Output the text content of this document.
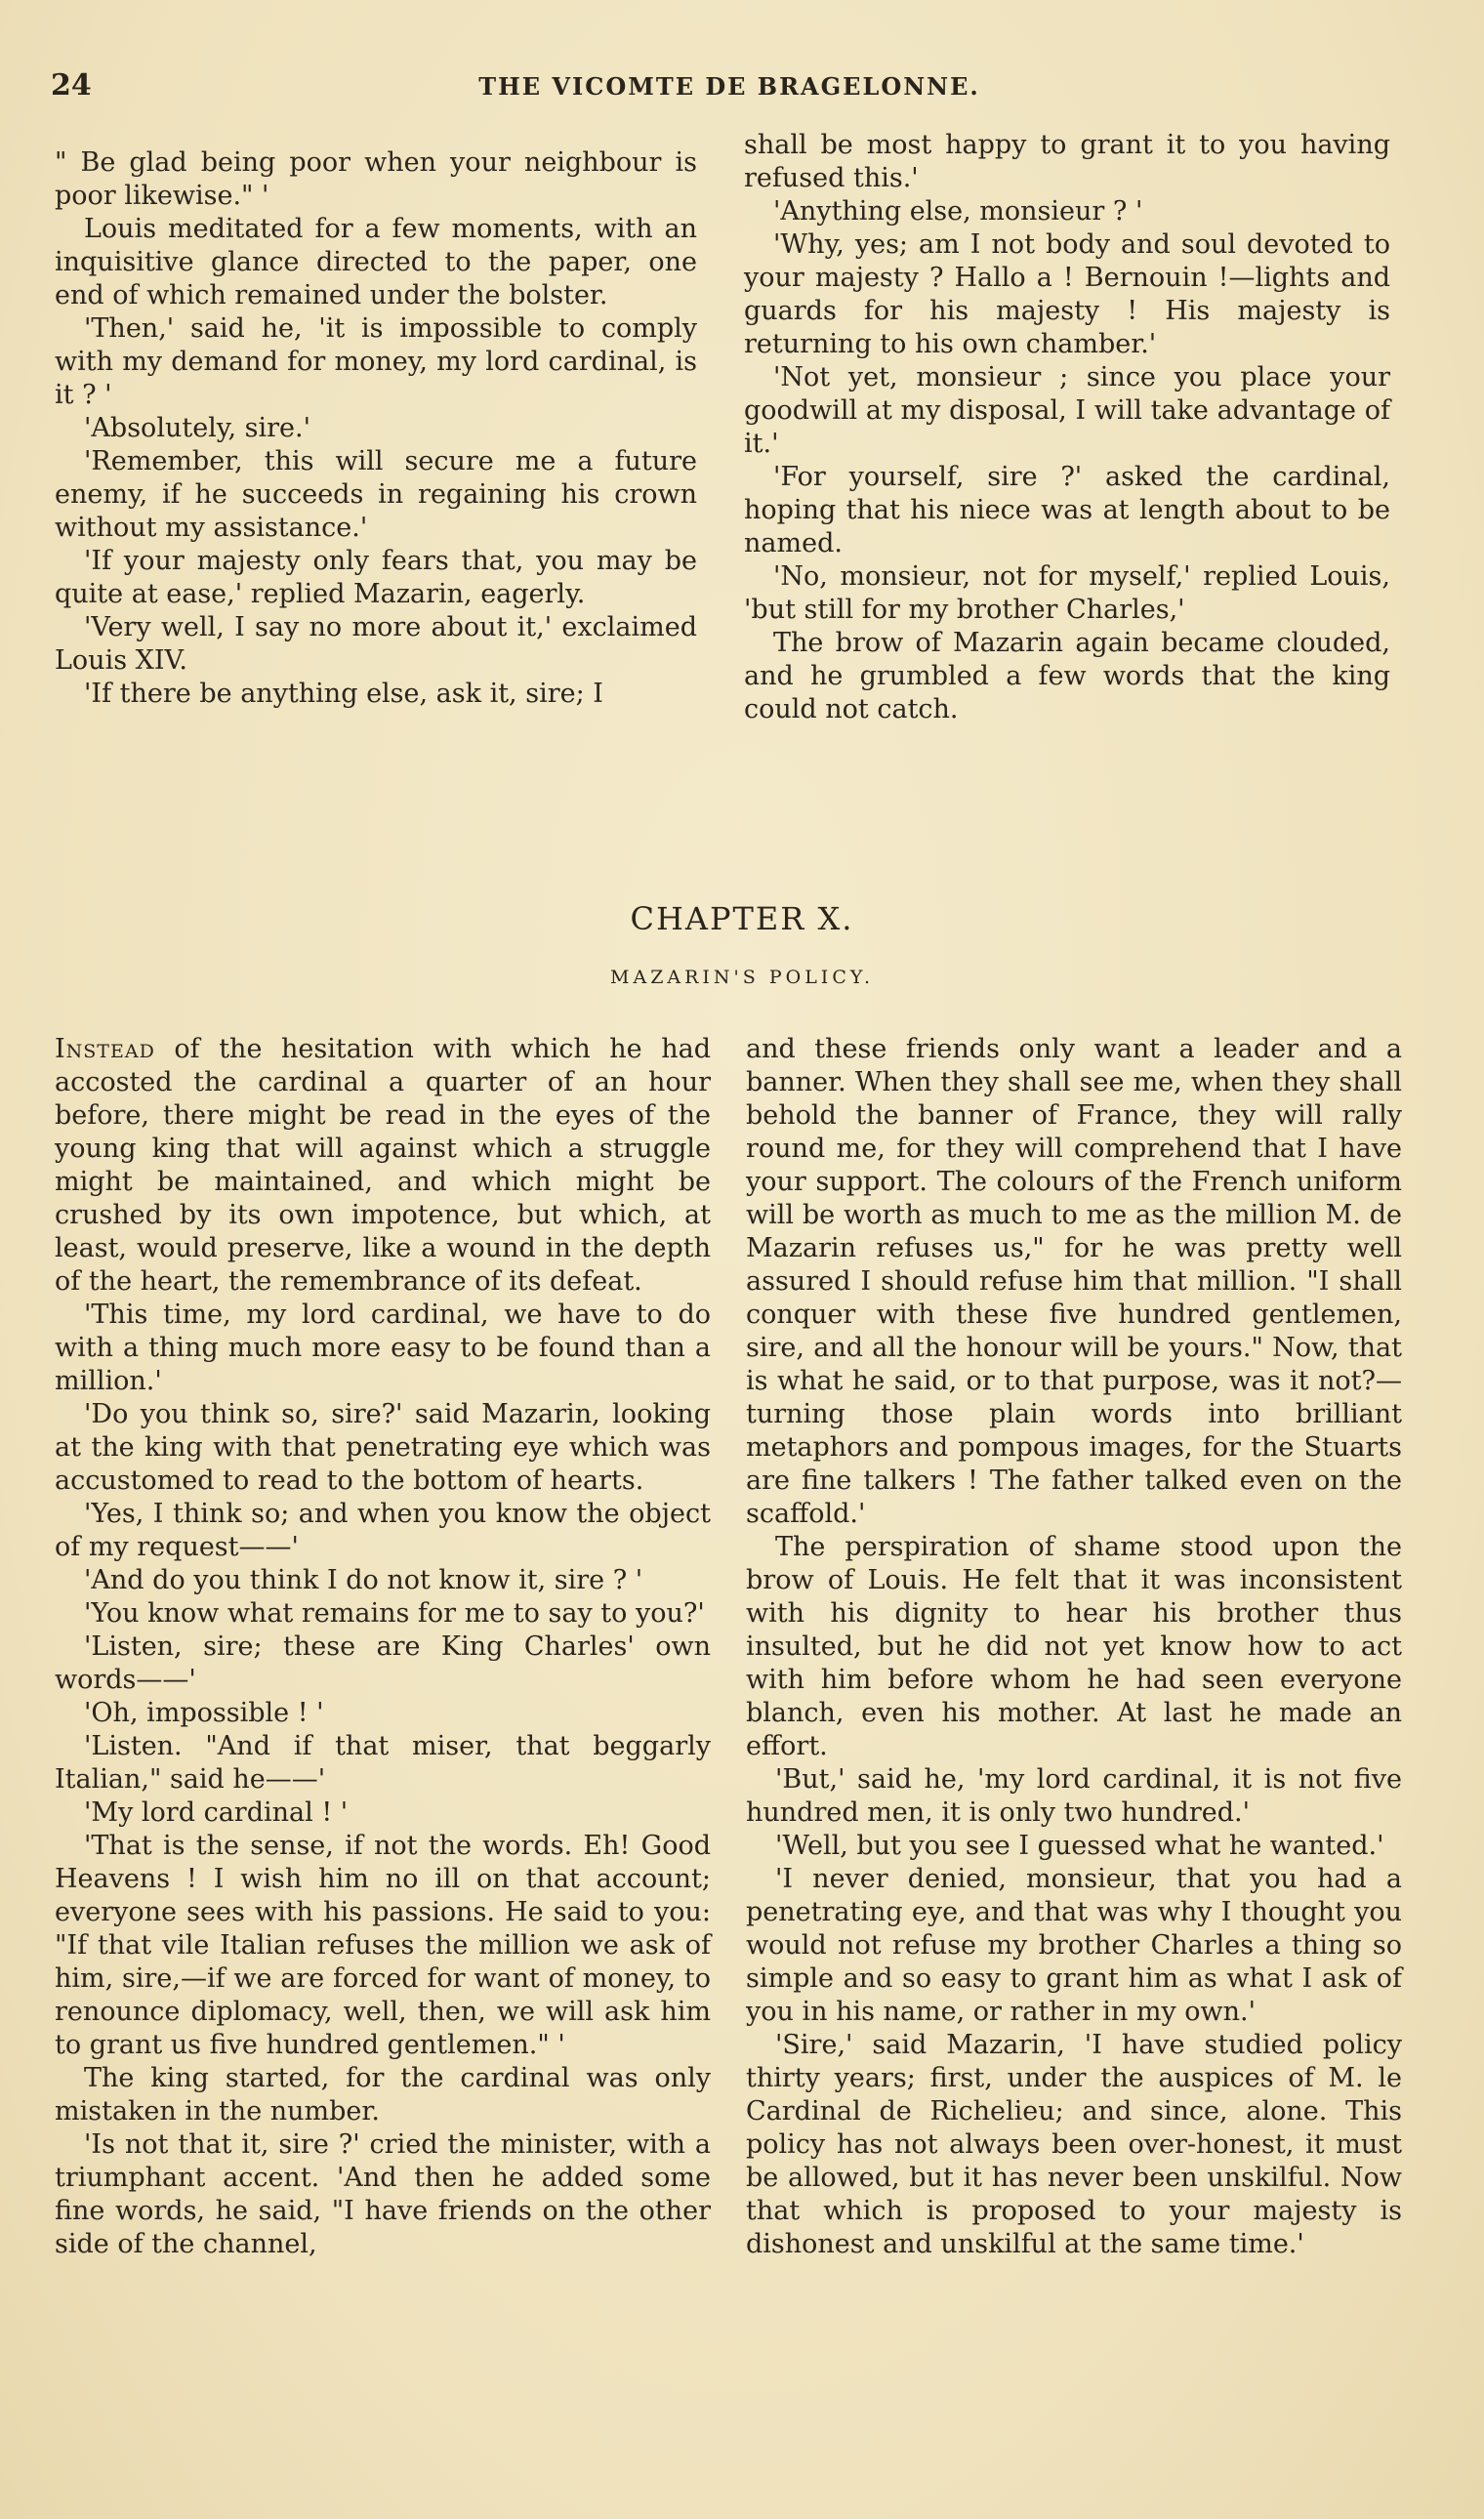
24	THE VICOMTE DE BRAGELONNE.

" Be glad being poor when your neighbour is poor likewise." '

Louis meditated for a few moments, with an inquisitive glance directed to the paper, one end of which remained under the bolster.

'Then,' said he, 'it is impossible to comply with my demand for money, my lord cardinal, is it ? '

'Absolutely, sire.'

'Remember, this will secure me a future enemy, if he succeeds in regaining his crown without my assistance.'

'If your majesty only fears that, you may be quite at ease,' replied Mazarin, eagerly.

'Very well, I say no more about it,' exclaimed Louis XIV.

'If there be anything else, ask it, sire; I

shall be most happy to grant it to you having refused this.'

'Anything else, monsieur ? '

'Why, yes; am I not body and soul devoted to your majesty ? Hallo a ! Bernouin !—lights and guards for his majesty ! His majesty is returning to his own chamber.'

'Not yet, monsieur ; since you place your goodwill at my disposal, I will take advantage of it.'

'For yourself, sire ?' asked the cardinal, hoping that his niece was at length about to be named.

'No, monsieur, not for myself,' replied Louis, 'but still for my brother Charles,'

The brow of Mazarin again became clouded, and he grumbled a few words that the king could not catch.

CHAPTER X.
MAZARIN'S POLICY.

Instead of the hesitation with which he had accosted the cardinal a quarter of an hour before, there might be read in the eyes of the young king that will against which a struggle might be maintained, and which might be crushed by its own impotence, but which, at least, would preserve, like a wound in the depth of the heart, the remembrance of its defeat.

'This time, my lord cardinal, we have to do with a thing much more easy to be found than a million.'

'Do you think so, sire?' said Mazarin, looking at the king with that penetrating eye which was accustomed to read to the bottom of hearts.

'Yes, I think so; and when you know the object of my request——'

'And do you think I do not know it, sire ? '

'You know what remains for me to say to you?'

'Listen, sire; these are King Charles' own words——'

'Oh, impossible ! '

'Listen. "And if that miser, that beggarly Italian," said he——'

'My lord cardinal ! '

'That is the sense, if not the words. Eh! Good Heavens ! I wish him no ill on that account; everyone sees with his passions. He said to you: "If that vile Italian refuses the million we ask of him, sire,—if we are forced for want of money, to renounce diplomacy, well, then, we will ask him to grant us five hundred gentlemen." '

The king started, for the cardinal was only mistaken in the number.

'Is not that it, sire ?' cried the minister, with a triumphant accent. 'And then he added some fine words, he said, "I have friends on the other side of the channel,

and these friends only want a leader and a banner. When they shall see me, when they shall behold the banner of France, they will rally round me, for they will comprehend that I have your support. The colours of the French uniform will be worth as much to me as the million M. de Mazarin refuses us," for he was pretty well assured I should refuse him that million. "I shall conquer with these five hundred gentlemen, sire, and all the honour will be yours." Now, that is what he said, or to that purpose, was it not?—turning those plain words into brilliant metaphors and pompous images, for the Stuarts are fine talkers ! The father talked even on the scaffold.'

The perspiration of shame stood upon the brow of Louis. He felt that it was inconsistent with his dignity to hear his brother thus insulted, but he did not yet know how to act with him before whom he had seen everyone blanch, even his mother. At last he made an effort.

'But,' said he, 'my lord cardinal, it is not five hundred men, it is only two hundred.'

'Well, but you see I guessed what he wanted.'

'I never denied, monsieur, that you had a penetrating eye, and that was why I thought you would not refuse my brother Charles a thing so simple and so easy to grant him as what I ask of you in his name, or rather in my own.'

'Sire,' said Mazarin, 'I have studied policy thirty years; first, under the auspices of M. le Cardinal de Richelieu; and since, alone. This policy has not always been over-honest, it must be allowed, but it has never been unskilful. Now that which is proposed to your majesty is dishonest and unskilful at the same time.'
